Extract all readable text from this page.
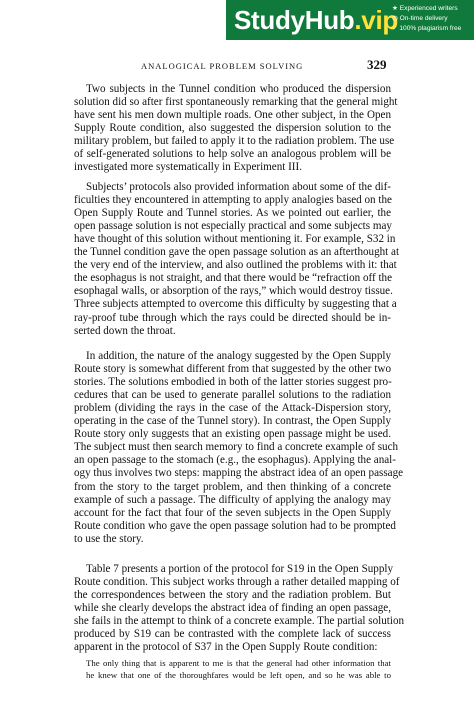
StudyHub.vip
★ Experienced writers
◷ On-time delivery
✓ 100% plagiarism free
ANALOGICAL PROBLEM SOLVING	329
Two subjects in the Tunnel condition who produced the dispersion
solution did so after first spontaneously remarking that the general might
have sent his men down multiple roads. One other subject, in the Open
Supply Route condition, also suggested the dispersion solution to the
military problem, but failed to apply it to the radiation problem. The use
of self-generated solutions to help solve an analogous problem will be
investigated more systematically in Experiment III.
Subjects’ protocols also provided information about some of the dif-
ficulties they encountered in attempting to apply analogies based on the
Open Supply Route and Tunnel stories. As we pointed out earlier, the
open passage solution is not especially practical and some subjects may
have thought of this solution without mentioning it. For example, S32 in
the Tunnel condition gave the open passage solution as an afterthought at
the very end of the interview, and also outlined the problems with it: that
the esophagus is not straight, and that there would be “refraction off the
esophagal walls, or absorption of the rays,” which would destroy tissue.
Three subjects attempted to overcome this difficulty by suggesting that a
ray-proof tube through which the rays could be directed should be in-
serted down the throat.
In addition, the nature of the analogy suggested by the Open Supply
Route story is somewhat different from that suggested by the other two
stories. The solutions embodied in both of the latter stories suggest pro-
cedures that can be used to generate parallel solutions to the radiation
problem (dividing the rays in the case of the Attack-Dispersion story,
operating in the case of the Tunnel story). In contrast, the Open Supply
Route story only suggests that an existing open passage might be used.
The subject must then search memory to find a concrete example of such
an open passage to the stomach (e.g., the esophagus). Applying the anal-
ogy thus involves two steps: mapping the abstract idea of an open passage
from the story to the target problem, and then thinking of a concrete
example of such a passage. The difficulty of applying the analogy may
account for the fact that four of the seven subjects in the Open Supply
Route condition who gave the open passage solution had to be prompted
to use the story.
Table 7 presents a portion of the protocol for S19 in the Open Supply
Route condition. This subject works through a rather detailed mapping of
the correspondences between the story and the radiation problem. But
while she clearly develops the abstract idea of finding an open passage,
she fails in the attempt to think of a concrete example. The partial solution
produced by S19 can be contrasted with the complete lack of success
apparent in the protocol of S37 in the Open Supply Route condition:
The only thing that is apparent to me is that the general had other information that
he knew that one of the thoroughfares would be left open, and so he was able to
